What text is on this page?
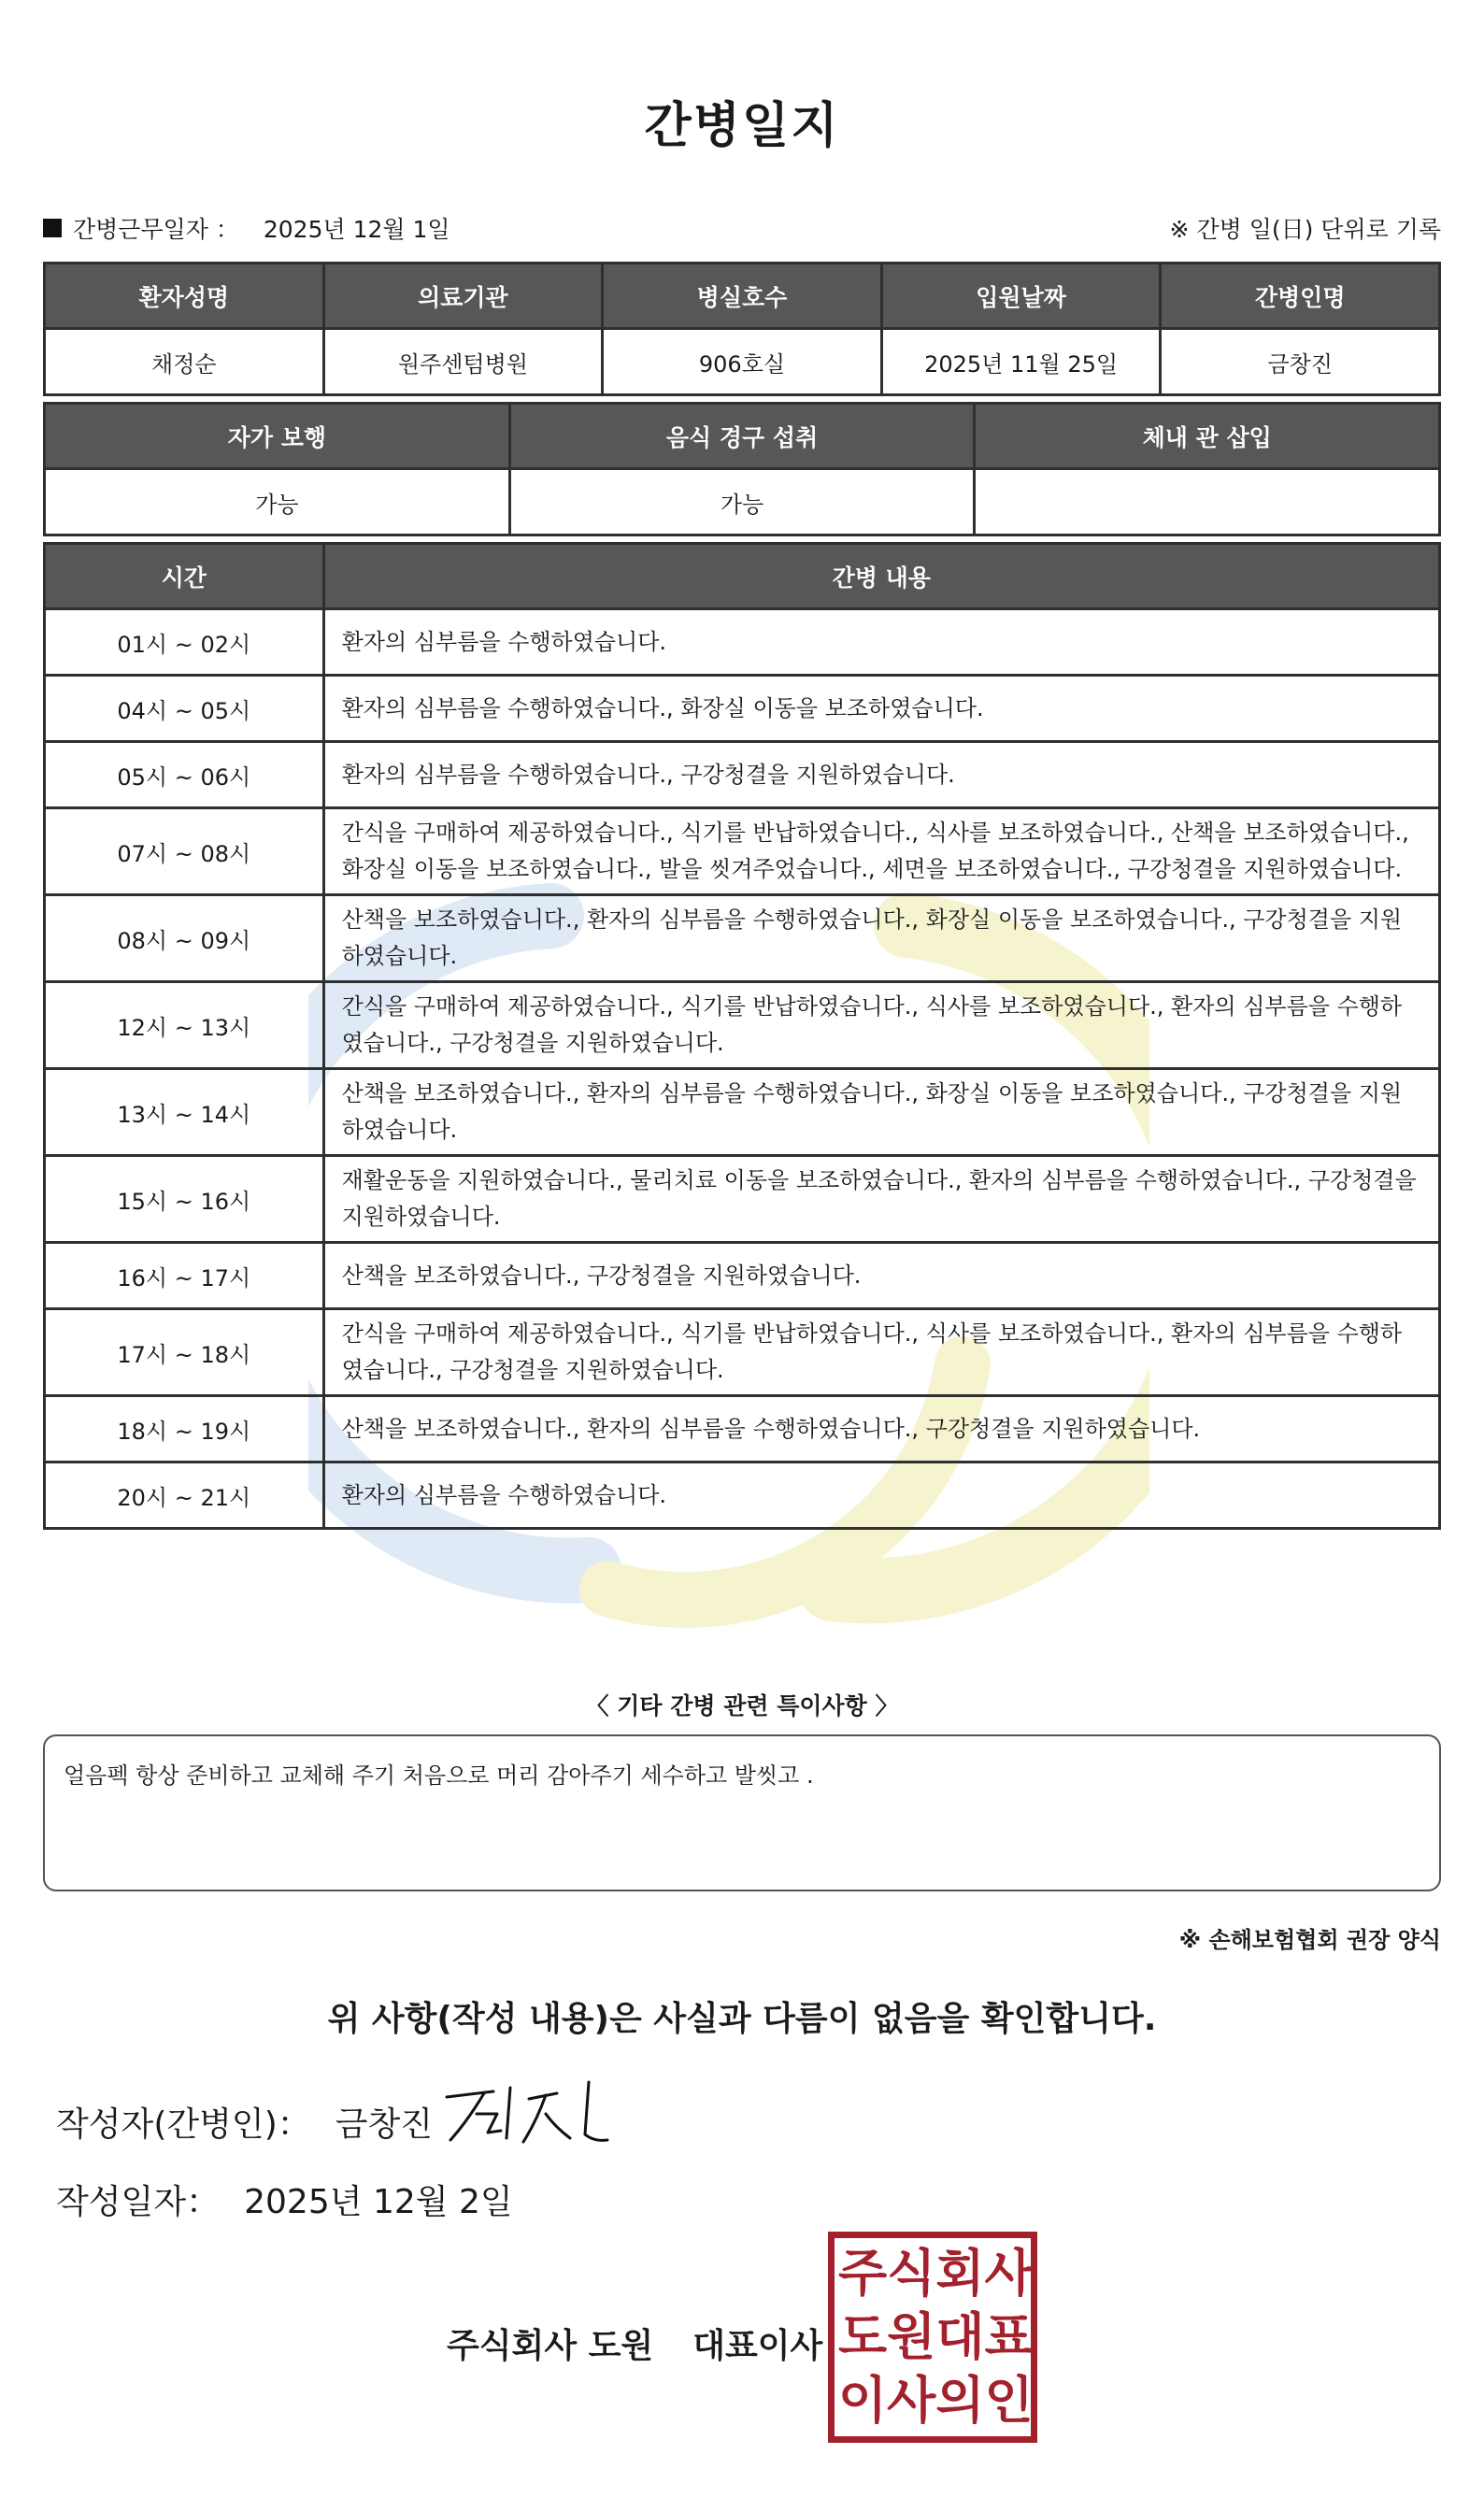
간병일지
간병근무일자 ： 2025년 12월 1일	※ 간병 일(日) 단위로 기록
환자성명	의료기관	병실호수	입원날짜	간병인명
채정순	원주센텀병원	906호실	2025년 11월 25일	금창진
자가 보행	음식 경구 섭취	체내 관 삽입
가능	가능	
시간	간병 내용
01시 ~ 02시	환자의 심부름을 수행하였습니다.
04시 ~ 05시	환자의 심부름을 수행하였습니다., 화장실 이동을 보조하였습니다.
05시 ~ 06시	환자의 심부름을 수행하였습니다., 구강청결을 지원하였습니다.
07시 ~ 08시	간식을 구매하여 제공하였습니다., 식기를 반납하였습니다., 식사를 보조하였습니다., 산책을 보조하였습니다., 화장실 이동을 보조하였습니다., 발을 씻겨주었습니다., 세면을 보조하였습니다., 구강청결을 지원하였습니다.
08시 ~ 09시	산책을 보조하였습니다., 환자의 심부름을 수행하였습니다., 화장실 이동을 보조하였습니다., 구강청결을 지원하였습니다.
12시 ~ 13시	간식을 구매하여 제공하였습니다., 식기를 반납하였습니다., 식사를 보조하였습니다., 환자의 심부름을 수행하였습니다., 구강청결을 지원하였습니다.
13시 ~ 14시	산책을 보조하였습니다., 환자의 심부름을 수행하였습니다., 화장실 이동을 보조하였습니다., 구강청결을 지원하였습니다.
15시 ~ 16시	재활운동을 지원하였습니다., 물리치료 이동을 보조하였습니다., 환자의 심부름을 수행하였습니다., 구강청결을 지원하였습니다.
16시 ~ 17시	산책을 보조하였습니다., 구강청결을 지원하였습니다.
17시 ~ 18시	간식을 구매하여 제공하였습니다., 식기를 반납하였습니다., 식사를 보조하였습니다., 환자의 심부름을 수행하였습니다., 구강청결을 지원하였습니다.
18시 ~ 19시	산책을 보조하였습니다., 환자의 심부름을 수행하였습니다., 구강청결을 지원하였습니다.
20시 ~ 21시	환자의 심부름을 수행하였습니다.
〈 기타 간병 관련 특이사항 〉
얼음펙 항상 준비하고 교체해 주기 처음으로 머리 감아주기 세수하고 발씻고 .
※ 손해보험협회 권장 양식
위 사항(작성 내용)은 사실과 다름이 없음을 확인합니다.
작성자(간병인)： 금창진
작성일자： 2025년 12월 2일
주식회사 도원 대표이사
주 식 회 사
도 원 대 표
이 사 의 인
